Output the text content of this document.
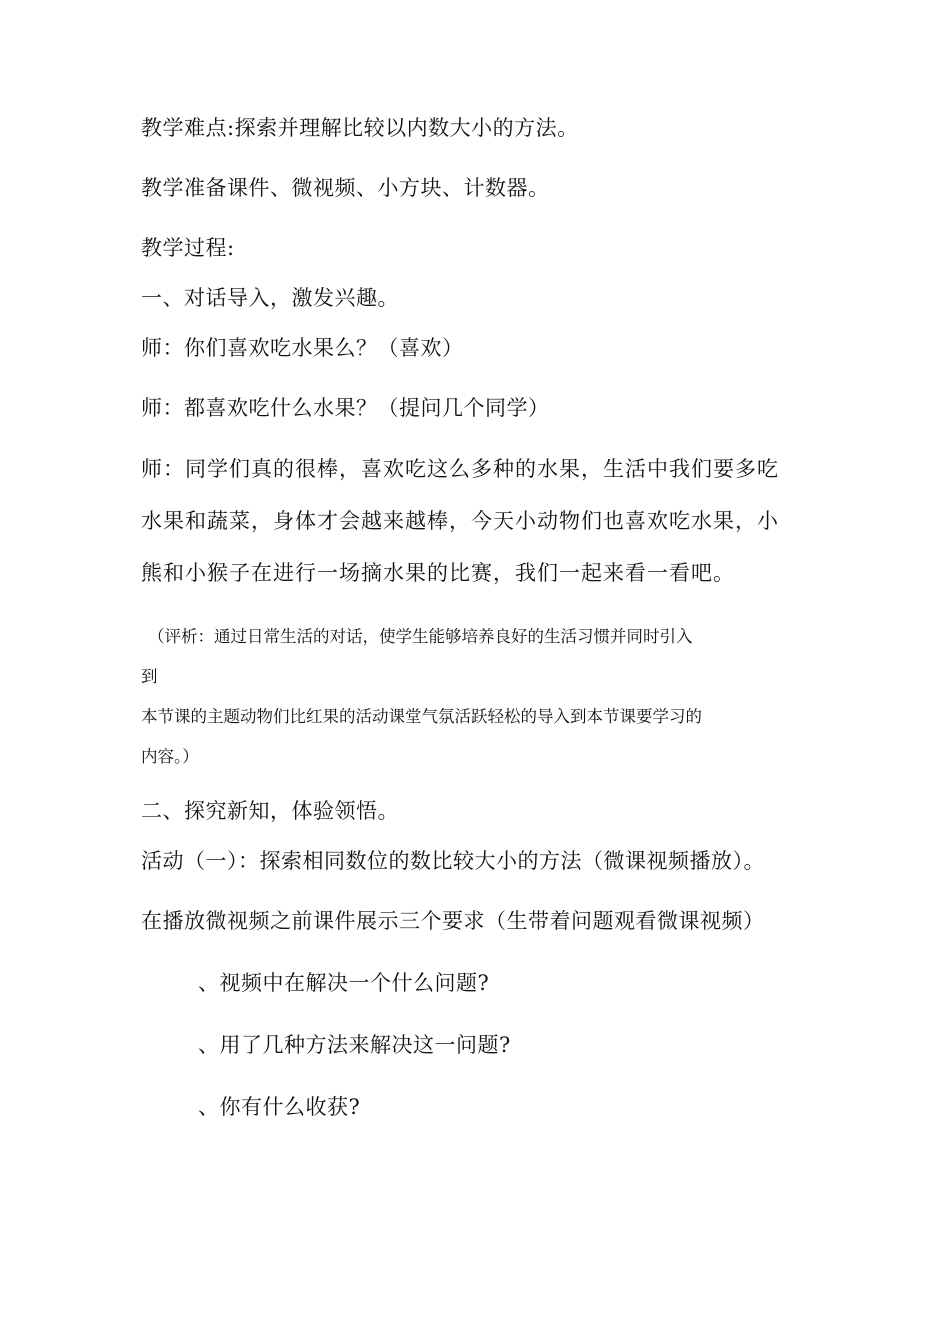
教学难点:探索并理解比较以内数大小的方法。

教学准备课件、微视频、小方块、计数器。

教学过程:

一、对话导入，激发兴趣。

师：你们喜欢吃水果么？（喜欢）

师：都喜欢吃什么水果？（提问几个同学）

师：同学们真的很棒，喜欢吃这么多种的水果，生活中我们要多吃

水果和蔬菜，身体才会越来越棒，今天小动物们也喜欢吃水果，小

熊和小猴子在进行一场摘水果的比赛，我们一起来看一看吧。

（评析：通过日常生活的对话，使学生能够培养良好的生活习惯并同时引入

到

本节课的主题动物们比红果的活动课堂气氛活跃轻松的导入到本节课要学习的

内容。）

二、探究新知，体验领悟。

活动（一）：探索相同数位的数比较大小的方法（微课视频播放）。

在播放微视频之前课件展示三个要求（生带着问题观看微课视频）

、视频中在解决一个什么问题?

、用了几种方法来解决这一问题?

、你有什么收获?
